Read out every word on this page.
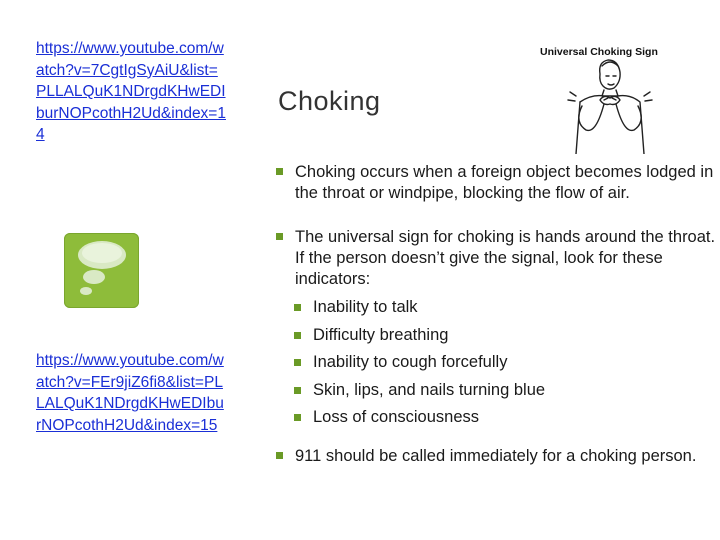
https://www.youtube.com/watch?v=7CgtIgSyAiU&list=PLLALQuK1NDrgdKHwEDIburNOPcothH2Ud&index=14
https://www.youtube.com/watch?v=FEr9jiZ6fi8&list=PLLALQuK1NDrgdKHwEDIburNOPcothH2Ud&index=15
Choking
Universal Choking Sign
Choking occurs when a foreign object becomes lodged in the throat or windpipe, blocking the flow of air.
The universal sign for choking is hands around the throat. If the person doesn’t give the signal, look for these indicators:
Inability to talk
Difficulty breathing
Inability to cough forcefully
Skin, lips, and nails turning blue
Loss of consciousness
911 should be called immediately for a choking person.
